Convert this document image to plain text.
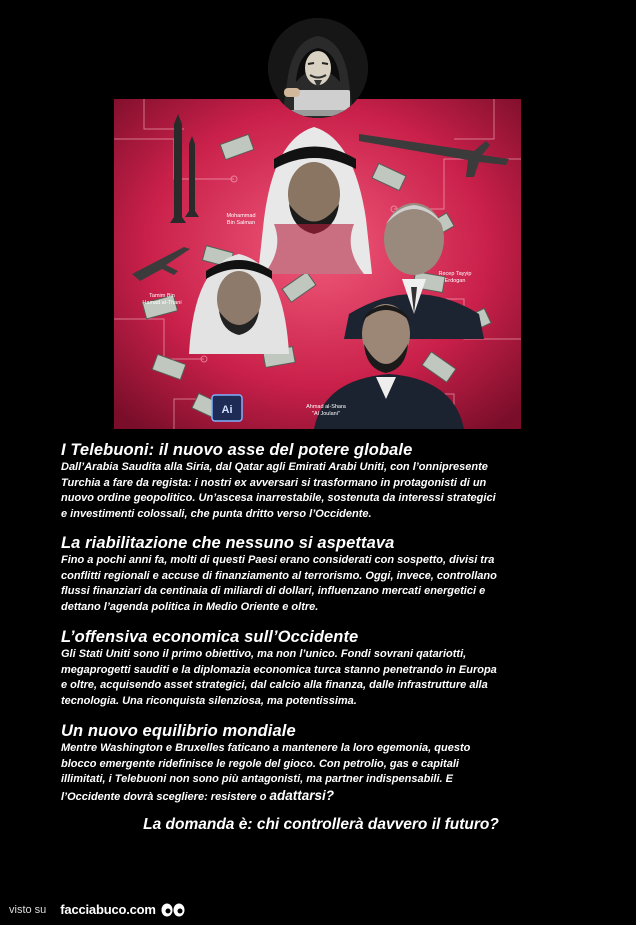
Ai
Mohammad
Bin Salman
Recep Tayyip
Erdogan
Tamim Bin
Hamad al-Thani
Ahmad al-Shara
"Al Joulani"
I Telebuoni: il nuovo asse del potere globale

Dall’Arabia Saudita alla Siria, dal Qatar agli Emirati Arabi Uniti, con l’onnipresente

Turchia a fare da regista: i nostri ex avversari si trasformano in protagonisti di un

nuovo ordine geopolitico. Un’ascesa inarrestabile, sostenuta da interessi strategici

e investimenti colossali, che punta dritto verso l’Occidente.

La riabilitazione che nessuno si aspettava

Fino a pochi anni fa, molti di questi Paesi erano considerati con sospetto, divisi tra

conflitti regionali e accuse di finanziamento al terrorismo. Oggi, invece, controllano

flussi finanziari da centinaia di miliardi di dollari, influenzano mercati energetici e

dettano l’agenda politica in Medio Oriente e oltre.

L’offensiva economica sull’Occidente

Gli Stati Uniti sono il primo obiettivo, ma non l’unico. Fondi sovrani qatariotti,

megaprogetti sauditi e la diplomazia economica turca stanno penetrando in Europa

e oltre, acquisendo asset strategici, dal calcio alla finanza, dalle infrastrutture alla

tecnologia. Una riconquista silenziosa, ma potentissima.

Un nuovo equilibrio mondiale

Mentre Washington e Bruxelles faticano a mantenere la loro egemonia, questo

blocco emergente ridefinisce le regole del gioco. Con petrolio, gas e capitali

illimitati, i Telebuoni non sono più antagonisti, ma partner indispensabili. E

l’Occidente dovrà scegliere: resistere o adattarsi?

La domanda è: chi controllerà davvero il futuro?
visto su facciabuco.com
